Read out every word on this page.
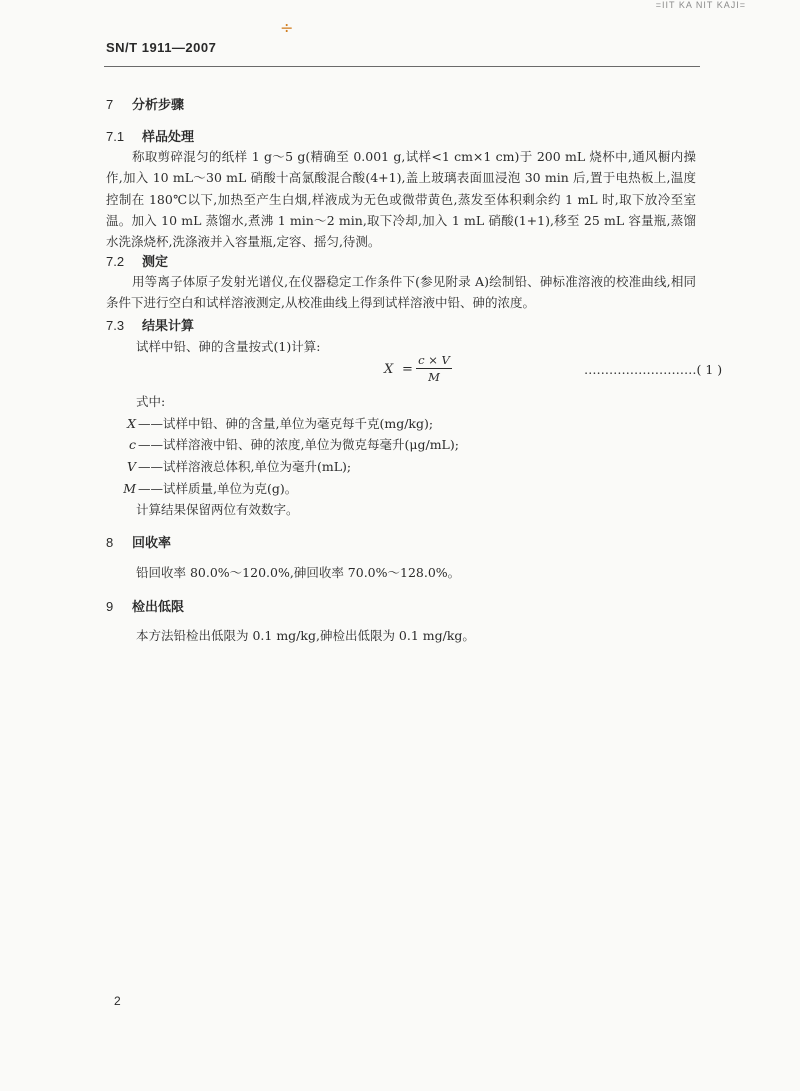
=IIT KA NIT KAJI=
÷
SN/T 1911—2007
7 分析步骤
7.1 样品处理
称取剪碎混匀的纸样 1 g～5 g(精确至 0.001 g,试样<1 cm×1 cm)于 200 mL 烧杯中,通风橱内操作,加入 10 mL～30 mL 硝酸十高氯酸混合酸(4+1),盖上玻璃表面皿浸泡 30 min 后,置于电热板上,温度控制在 180℃以下,加热至产生白烟,样液成为无色或微带黄色,蒸发至体积剩余约 1 mL 时,取下放冷至室温。加入 10 mL 蒸馏水,煮沸 1 min～2 min,取下冷却,加入 1 mL 硝酸(1+1),移至 25 mL 容量瓶,蒸馏水洗涤烧杯,洗涤液并入容量瓶,定容、摇匀,待测。
7.2 测定
用等离子体原子发射光谱仪,在仪器稳定工作条件下(参见附录 A)绘制铅、砷标准溶液的校准曲线,相同条件下进行空白和试样溶液测定,从校准曲线上得到试样溶液中铅、砷的浓度。
7.3 结果计算
试样中铅、砷的含量按式(1)计算:
X =
c × V
M	………………………( 1 )
式中:
X ——试样中铅、砷的含量,单位为毫克每千克(mg/kg);
c ——试样溶液中铅、砷的浓度,单位为微克每毫升(μg/mL);
V ——试样溶液总体积,单位为毫升(mL);
M ——试样质量,单位为克(g)。
计算结果保留两位有效数字。
8 回收率
铅回收率 80.0%～120.0%,砷回收率 70.0%～128.0%。
9 检出低限
本方法铅检出低限为 0.1 mg/kg,砷检出低限为 0.1 mg/kg。
2
